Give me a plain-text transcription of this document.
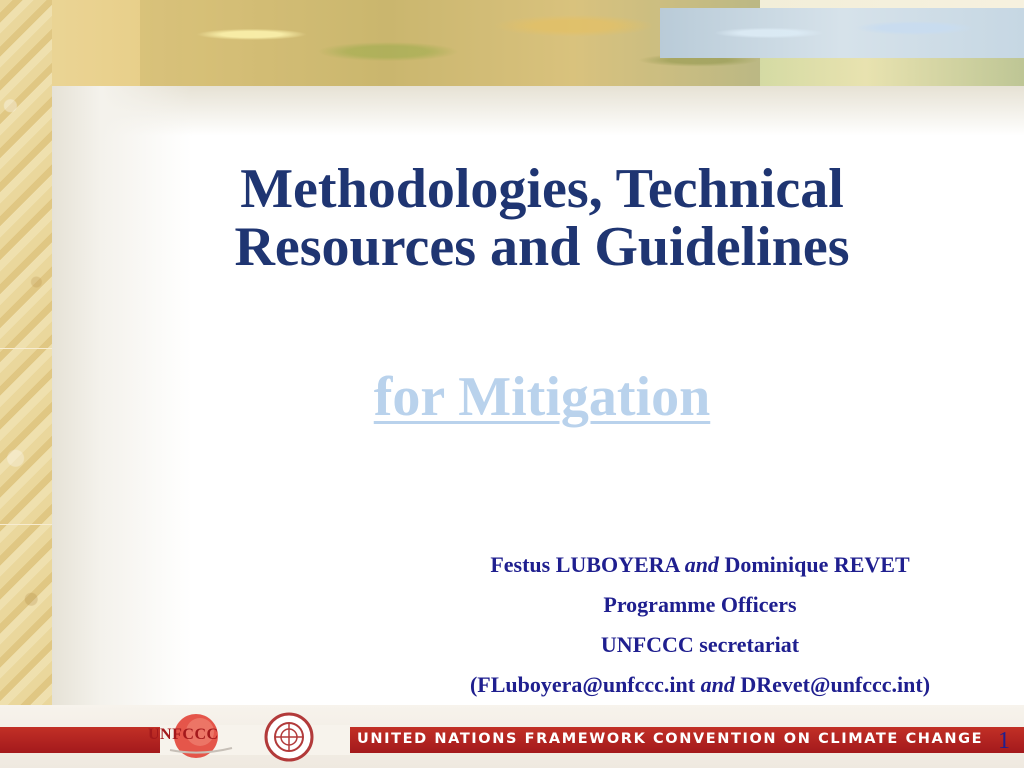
Methodologies, Technical
Resources and Guidelines

for Mitigation

Festus LUBOYERA and Dominique REVET
Programme Officers
UNFCCC secretariat
(FLuboyera@unfccc.int and DRevet@unfccc.int)
UNFCCC	UNITED NATIONS FRAMEWORK CONVENTION ON CLIMATE CHANGE 1
